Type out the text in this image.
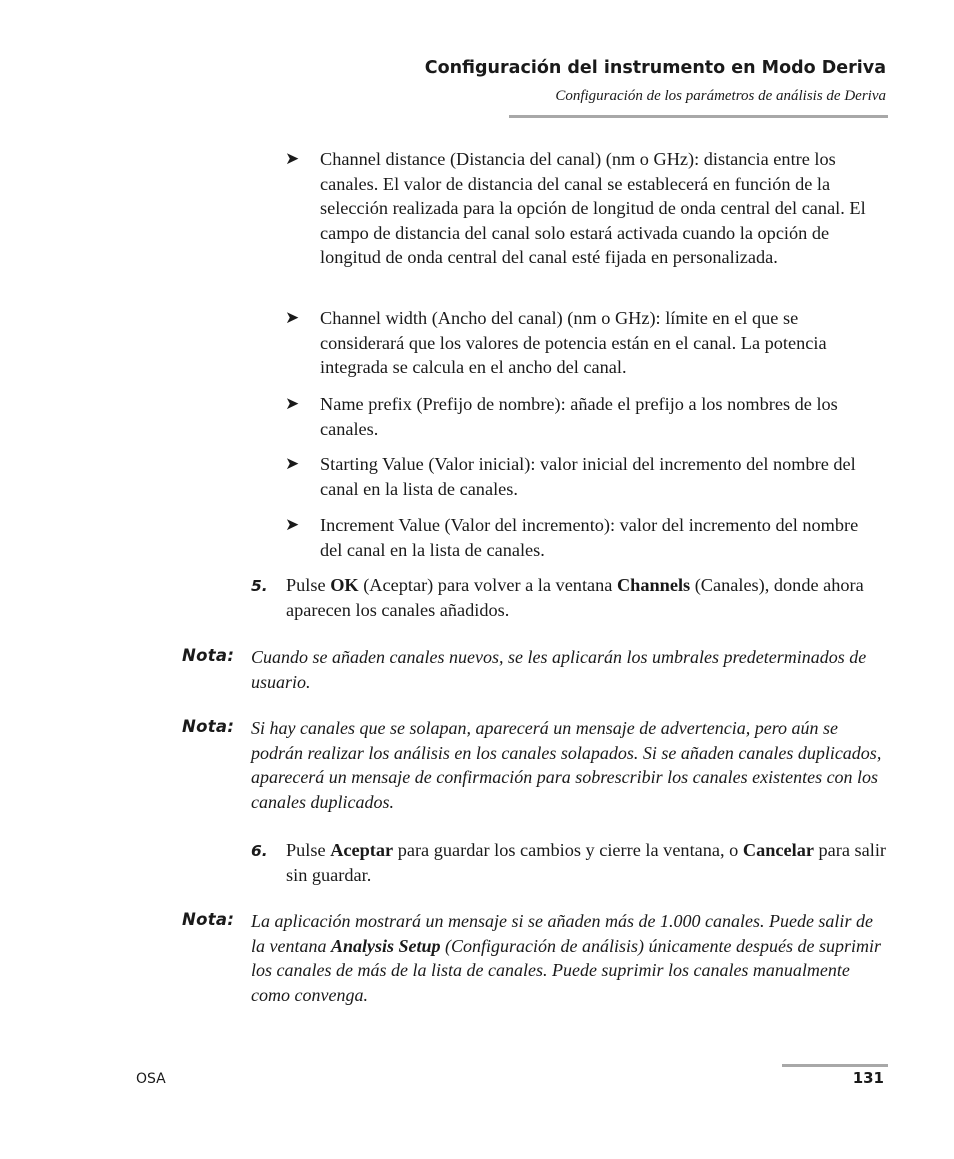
Configuración del instrumento en Modo Deriva
Configuración de los parámetros de análisis de Deriva
➤ Channel distance (Distancia del canal) (nm o GHz): distancia entre los canales. El valor de distancia del canal se establecerá en función de la selección realizada para la opción de longitud de onda central del canal. El campo de distancia del canal solo estará activada cuando la opción de longitud de onda central del canal esté fijada en personalizada.
➤ Channel width (Ancho del canal) (nm o GHz): límite en el que se considerará que los valores de potencia están en el canal. La potencia integrada se calcula en el ancho del canal.
➤ Name prefix (Prefijo de nombre): añade el prefijo a los nombres de los canales.
➤ Starting Value (Valor inicial): valor inicial del incremento del nombre del canal en la lista de canales.
➤ Increment Value (Valor del incremento): valor del incremento del nombre del canal en la lista de canales.
5. Pulse OK (Aceptar) para volver a la ventana Channels (Canales), donde ahora aparecen los canales añadidos.
Nota: Cuando se añaden canales nuevos, se les aplicarán los umbrales predeterminados de usuario.
Nota: Si hay canales que se solapan, aparecerá un mensaje de advertencia, pero aún se podrán realizar los análisis en los canales solapados. Si se añaden canales duplicados, aparecerá un mensaje de confirmación para sobrescribir los canales existentes con los canales duplicados.
6. Pulse Aceptar para guardar los cambios y cierre la ventana, o Cancelar para salir sin guardar.
Nota: La aplicación mostrará un mensaje si se añaden más de 1.000 canales. Puede salir de la ventana Analysis Setup (Configuración de análisis) únicamente después de suprimir los canales de más de la lista de canales. Puede suprimir los canales manualmente como convenga.
OSA	131
